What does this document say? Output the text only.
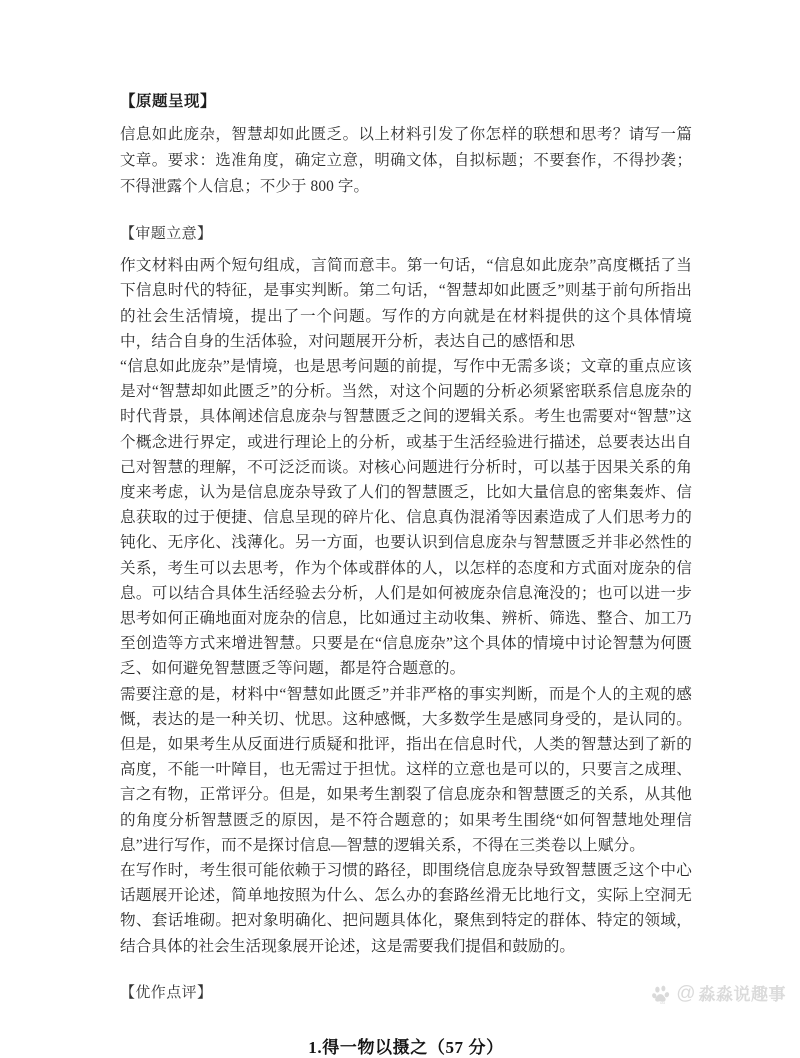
【原题呈现】

信息如此庞杂，智慧却如此匮乏。以上材料引发了你怎样的联想和思考？请写一篇文章。要求：选准角度，确定立意，明确文体，自拟标题；不要套作，不得抄袭；不得泄露个人信息；不少于 800 字。

【审题立意】

作文材料由两个短句组成，言简而意丰。第一句话，“信息如此庞杂”高度概括了当下信息时代的特征，是事实判断。第二句话，“智慧却如此匮乏”则基于前句所指出的社会生活情境，提出了一个问题。写作的方向就是在材料提供的这个具体情境中，结合自身的生活体验，对问题展开分析，表达自己的感悟和思

“信息如此庞杂”是情境，也是思考问题的前提，写作中无需多谈；文章的重点应该是对“智慧却如此匮乏”的分析。当然，对这个问题的分析必须紧密联系信息庞杂的时代背景，具体阐述信息庞杂与智慧匮乏之间的逻辑关系。考生也需要对“智慧”这个概念进行界定，或进行理论上的分析，或基于生活经验进行描述，总要表达出自己对智慧的理解，不可泛泛而谈。对核心问题进行分析时，可以基于因果关系的角度来考虑，认为是信息庞杂导致了人们的智慧匮乏，比如大量信息的密集轰炸、信息获取的过于便捷、信息呈现的碎片化、信息真伪混淆等因素造成了人们思考力的钝化、无序化、浅薄化。另一方面，也要认识到信息庞杂与智慧匮乏并非必然性的关系，考生可以去思考，作为个体或群体的人，以怎样的态度和方式面对庞杂的信息。可以结合具体生活经验去分析，人们是如何被庞杂信息淹没的；也可以进一步思考如何正确地面对庞杂的信息，比如通过主动收集、辨析、筛选、整合、加工乃至创造等方式来增进智慧。只要是在“信息庞杂”这个具体的情境中讨论智慧为何匮乏、如何避免智慧匮乏等问题，都是符合题意的。

需要注意的是，材料中“智慧如此匮乏”并非严格的事实判断，而是个人的主观的感慨，表达的是一种关切、忧思。这种感慨，大多数学生是感同身受的，是认同的。但是，如果考生从反面进行质疑和批评，指出在信息时代，人类的智慧达到了新的高度，不能一叶障目，也无需过于担忧。这样的立意也是可以的，只要言之成理、言之有物，正常评分。但是，如果考生割裂了信息庞杂和智慧匮乏的关系，从其他的角度分析智慧匮乏的原因，是不符合题意的；如果考生围绕“如何智慧地处理信息”进行写作，而不是探讨信息—智慧的逻辑关系，不得在三类卷以上赋分。

在写作时，考生很可能依赖于习惯的路径，即围绕信息庞杂导致智慧匮乏这个中心话题展开论述，简单地按照为什么、怎么办的套路丝滑无比地行文，实际上空洞无物、套话堆砌。把对象明确化、把问题具体化，聚焦到特定的群体、特定的领域，结合具体的社会生活现象展开论述，这是需要我们提倡和鼓励的。

【优作点评】
1.得一物以摄之（57 分）
du @ 淼淼说趣事
